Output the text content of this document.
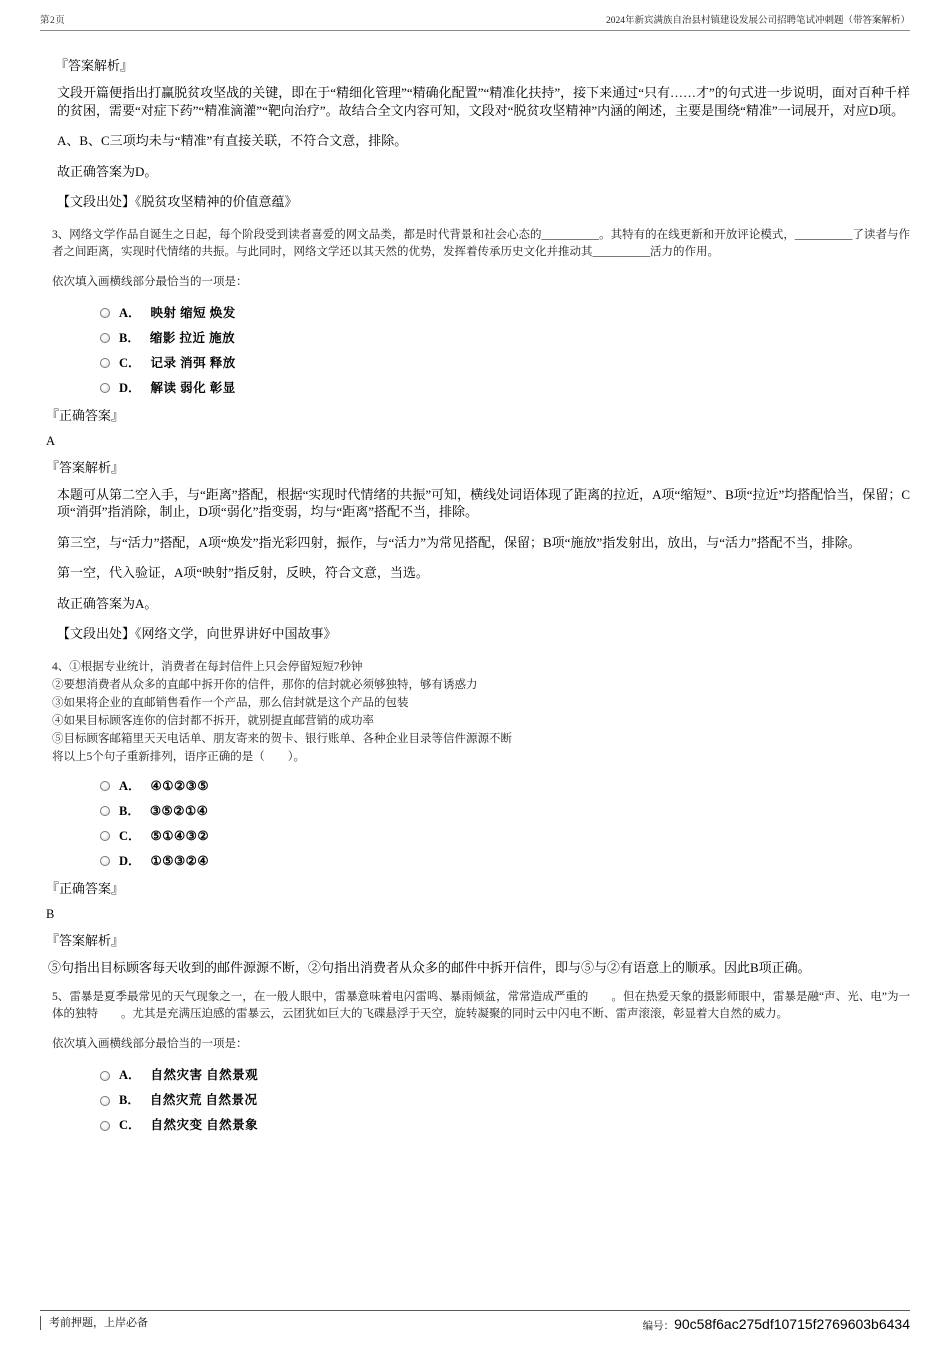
第2页	2024年新宾满族自治县村镇建设发展公司招聘笔试冲刺题（带答案解析）

『答案解析』

文段开篇便指出打赢脱贫攻坚战的关键，即在于“精细化管理”“精确化配置”“精准化扶持”，接下来通过“只有……才”的句式进一步说明，面对百种千样的贫困，需要“对症下药”“精准滴灌”“靶向治疗”。故结合全文内容可知，文段对“脱贫攻坚精神”内涵的阐述，主要是围绕“精准”一词展开，对应D项。

A、B、C三项均未与“精准”有直接关联，不符合文意，排除。

故正确答案为D。

【文段出处】《脱贫攻坚精神的价值意蕴》

3、网络文学作品自诞生之日起，每个阶段受到读者喜爱的网文品类，都是时代背景和社会心态的__________。其特有的在线更新和开放评论模式，__________了读者与作者之间距离，实现时代情绪的共振。与此同时，网络文学还以其天然的优势，发挥着传承历史文化并推动其__________活力的作用。

依次填入画横线部分最恰当的一项是：

A． 映射 缩短 焕发
B． 缩影 拉近 施放
C． 记录 消弭 释放
D． 解读 弱化 彰显

『正确答案』

A

『答案解析』

本题可从第二空入手，与“距离”搭配，根据“实现时代情绪的共振”可知，横线处词语体现了距离的拉近，A项“缩短”、B项“拉近”均搭配恰当，保留；C项“消弭”指消除，制止，D项“弱化”指变弱，均与“距离”搭配不当，排除。

第三空，与“活力”搭配，A项“焕发”指光彩四射，振作，与“活力”为常见搭配，保留；B项“施放”指发射出，放出，与“活力”搭配不当，排除。

第一空，代入验证，A项“映射”指反射，反映，符合文意，当选。

故正确答案为A。

【文段出处】《网络文学，向世界讲好中国故事》

4、①根据专业统计，消费者在每封信件上只会停留短短7秒钟

②要想消费者从众多的直邮中拆开你的信件，那你的信封就必须够独特，够有诱惑力

③如果将企业的直邮销售看作一个产品，那么信封就是这个产品的包装

④如果目标顾客连你的信封都不拆开，就别提直邮营销的成功率

⑤目标顾客邮箱里天天电话单、朋友寄来的贺卡、银行账单、各种企业目录等信件源源不断

将以上5个句子重新排列，语序正确的是（　　）。

A． ④①②③⑤
B． ③⑤②①④
C． ⑤①④③②
D． ①⑤③②④

『正确答案』

B

『答案解析』

⑤句指出目标顾客每天收到的邮件源源不断，②句指出消费者从众多的邮件中拆开信件，即与⑤与②有语意上的顺承。因此B项正确。

5、雷暴是夏季最常见的天气现象之一，在一般人眼中，雷暴意味着电闪雷鸣、暴雨倾盆，常常造成严重的　　。但在热爱天象的摄影师眼中，雷暴是融“声、光、电”为一体的独特　　。尤其是充满压迫感的雷暴云，云团犹如巨大的飞碟悬浮于天空，旋转凝聚的同时云中闪电不断、雷声滚滚，彰显着大自然的威力。

依次填入画横线部分最恰当的一项是：

A． 自然灾害 自然景观
B． 自然灾荒 自然景况
C． 自然灾变 自然景象
考前押题，上岸必备	编号： 90c58f6ac275df10715f2769603b6434
